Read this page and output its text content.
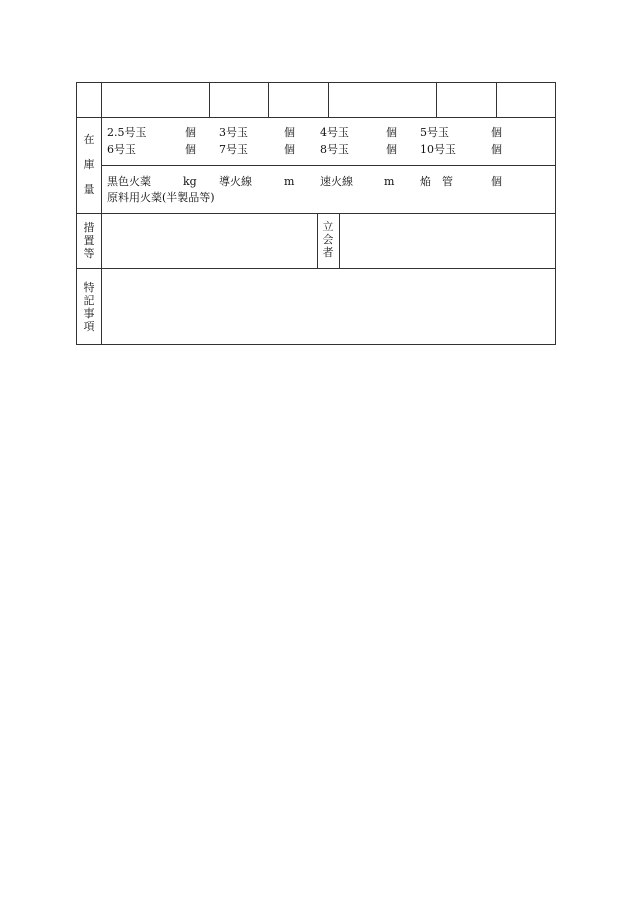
在
庫
量
2.5号玉	個 3号玉	個 4号玉	個 5号玉	個
6号玉	個 7号玉	個 8号玉	個 10号玉	個
黒色火薬	kg 導火線	m 速火線	m 焔　管	個
原料用火薬(半製品等)
措
置
等
立
会
者
特
記
事
項
